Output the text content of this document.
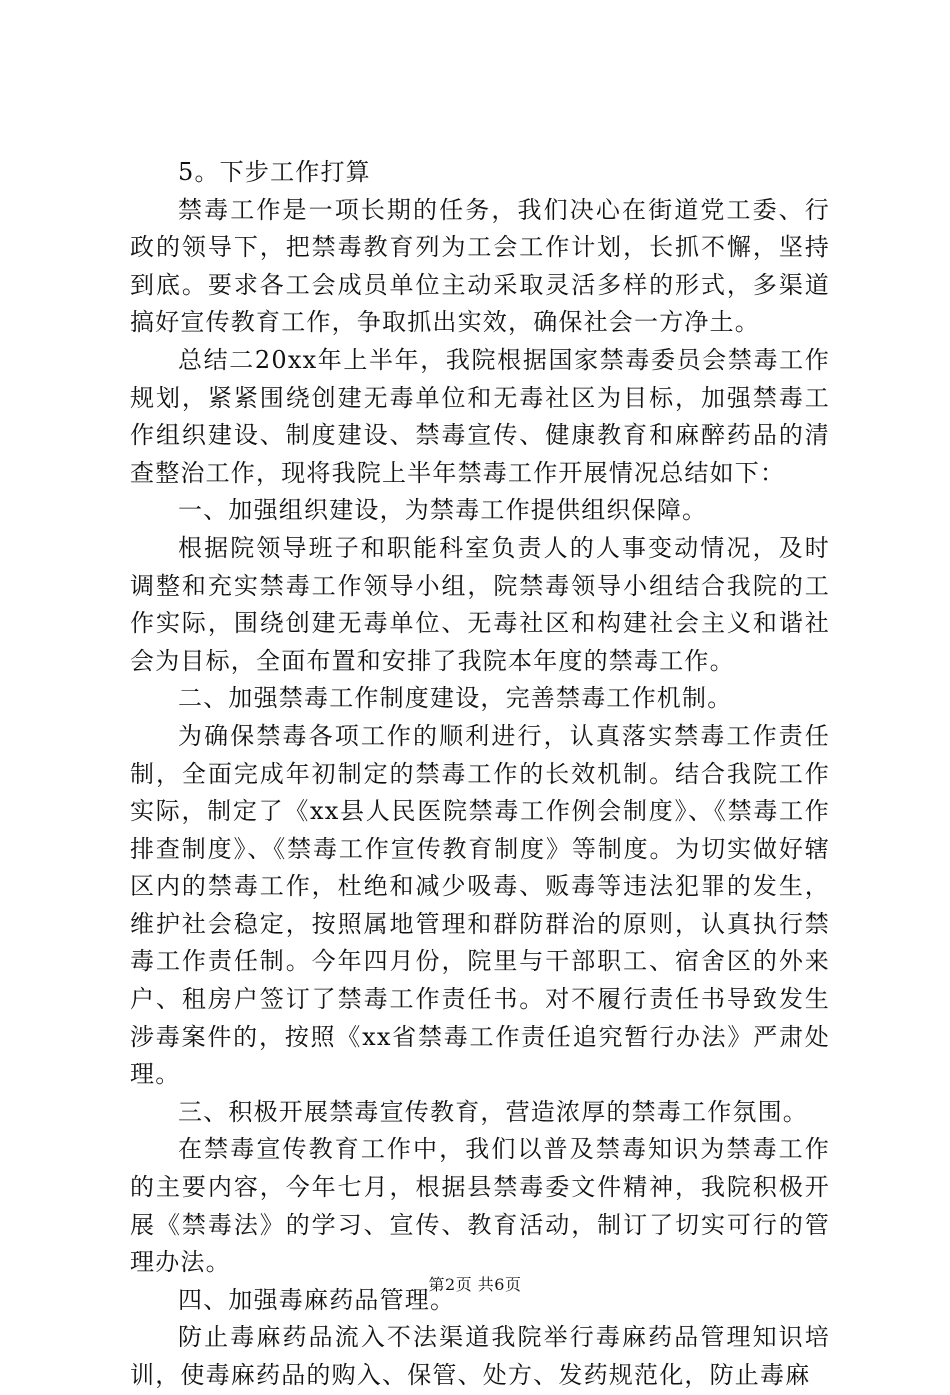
5。下步工作打算

禁毒工作是一项长期的任务，我们决心在街道党工委、行政的领导下，把禁毒教育列为工会工作计划，长抓不懈，坚持到底。要求各工会成员单位主动采取灵活多样的形式，多渠道搞好宣传教育工作，争取抓出实效，确保社会一方净土。

总结二20xx年上半年，我院根据国家禁毒委员会禁毒工作规划，紧紧围绕创建无毒单位和无毒社区为目标，加强禁毒工作组织建设、制度建设、禁毒宣传、健康教育和麻醉药品的清查整治工作，现将我院上半年禁毒工作开展情况总结如下：

一、加强组织建设，为禁毒工作提供组织保障。

根据院领导班子和职能科室负责人的人事变动情况，及时调整和充实禁毒工作领导小组，院禁毒领导小组结合我院的工作实际，围绕创建无毒单位、无毒社区和构建社会主义和谐社会为目标，全面布置和安排了我院本年度的禁毒工作。

二、加强禁毒工作制度建设，完善禁毒工作机制。

为确保禁毒各项工作的顺利进行，认真落实禁毒工作责任制，全面完成年初制定的禁毒工作的长效机制。结合我院工作实际，制定了《xx县人民医院禁毒工作例会制度》、《禁毒工作排查制度》、《禁毒工作宣传教育制度》等制度。为切实做好辖区内的禁毒工作，杜绝和减少吸毒、贩毒等违法犯罪的发生，维护社会稳定，按照属地管理和群防群治的原则，认真执行禁毒工作责任制。今年四月份，院里与干部职工、宿舍区的外来户、租房户签订了禁毒工作责任书。对不履行责任书导致发生涉毒案件的，按照《xx省禁毒工作责任追究暂行办法》严肃处理。

三、积极开展禁毒宣传教育，营造浓厚的禁毒工作氛围。

在禁毒宣传教育工作中，我们以普及禁毒知识为禁毒工作的主要内容，今年七月，根据县禁毒委文件精神，我院积极开展《禁毒法》的学习、宣传、教育活动，制订了切实可行的管理办法。

四、加强毒麻药品管理。

防止毒麻药品流入不法渠道我院举行毒麻药品管理知识培训，使毒麻药品的购入、保管、处方、发药规范化，防止毒麻

第2页 共6页
